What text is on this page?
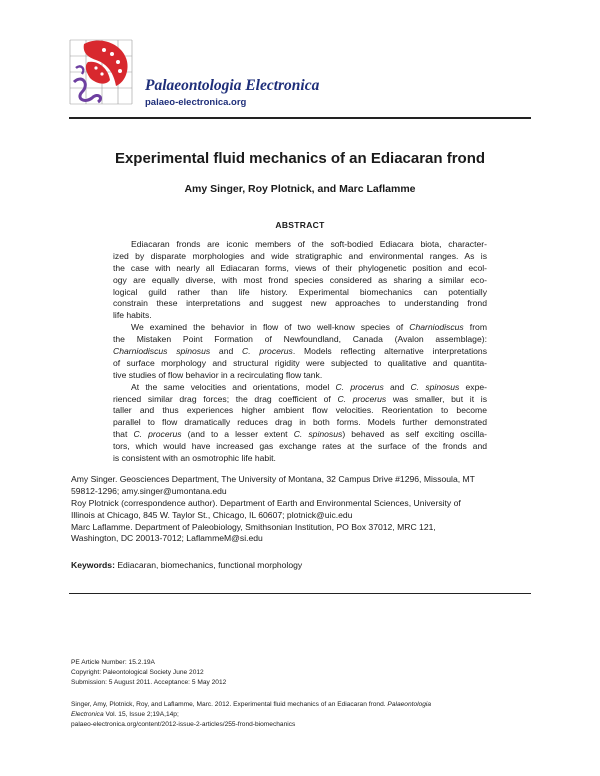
Palaeontologia Electronica
palaeo-electronica.org
Experimental fluid mechanics of an Ediacaran frond
Amy Singer, Roy Plotnick, and Marc Laflamme
ABSTRACT
Ediacaran fronds are iconic members of the soft-bodied Ediacara biota, character-
ized by disparate morphologies and wide stratigraphic and environmental ranges. As is
the case with nearly all Ediacaran forms, views of their phylogenetic position and ecol-
ogy are equally diverse, with most frond species considered as sharing a similar eco-
logical guild rather than life history. Experimental biomechanics can potentially
constrain these interpretations and suggest new approaches to understanding frond
life habits.
We examined the behavior in flow of two well-know species of Charniodiscus from
the Mistaken Point Formation of Newfoundland, Canada (Avalon assemblage):
Charniodiscus spinosus and C. procerus. Models reflecting alternative interpretations
of surface morphology and structural rigidity were subjected to qualitative and quantita-
tive studies of flow behavior in a recirculating flow tank.
At the same velocities and orientations, model C. procerus and C. spinosus expe-
rienced similar drag forces; the drag coefficient of C. procerus was smaller, but it is
taller and thus experiences higher ambient flow velocities. Reorientation to become
parallel to flow dramatically reduces drag in both forms. Models further demonstrated
that C. procerus (and to a lesser extent C. spinosus) behaved as self exciting oscilla-
tors, which would have increased gas exchange rates at the surface of the fronds and
is consistent with an osmotrophic life habit.
Amy Singer. Geosciences Department, The University of Montana, 32 Campus Drive #1296, Missoula, MT
59812-1296; amy.singer@umontana.edu
Roy Plotnick (correspondence author). Department of Earth and Environmental Sciences, University of
Illinois at Chicago, 845 W. Taylor St., Chicago, IL 60607; plotnick@uic.edu
Marc Laflamme. Department of Paleobiology, Smithsonian Institution, PO Box 37012, MRC 121,
Washington, DC 20013-7012; LaflammeM@si.edu
Keywords: Ediacaran, biomechanics, functional morphology
PE Article Number: 15.2.19A
Copyright: Paleontological Society June 2012
Submission: 5 August 2011. Acceptance: 5 May 2012
Singer, Amy, Plotnick, Roy, and Laflamme, Marc. 2012. Experimental fluid mechanics of an Ediacaran frond. Palaeontologia
Electronica Vol. 15, Issue 2;19A,14p;
palaeo-electronica.org/content/2012-issue-2-articles/255-frond-biomechanics
